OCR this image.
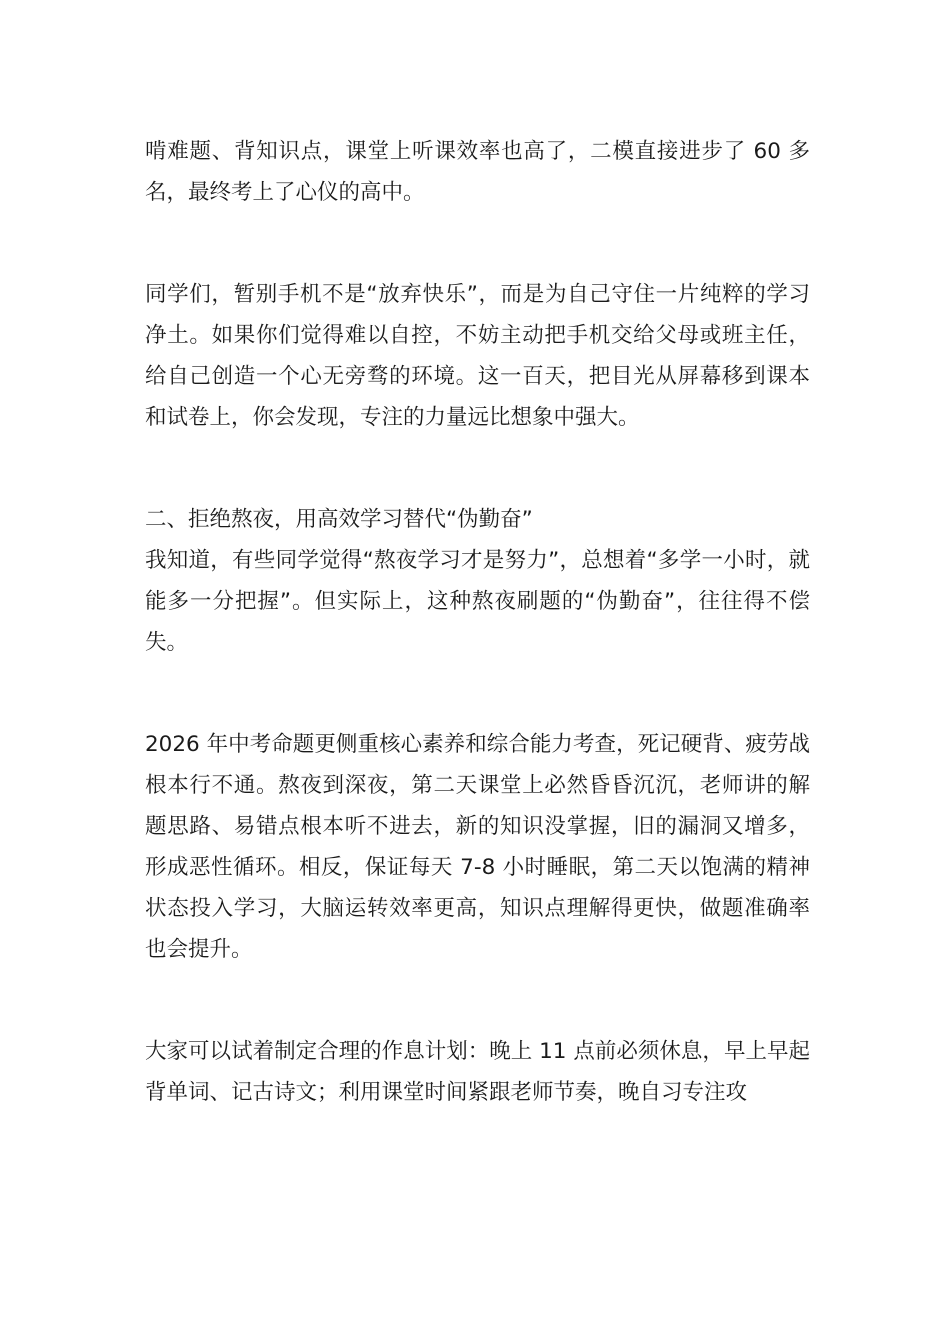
啃难题、背知识点，课堂上听课效率也高了，二模直接进步了 60 多名，最终考上了心仪的高中。

同学们，暂别手机不是“放弃快乐”，而是为自己守住一片纯粹的学习净土。如果你们觉得难以自控，不妨主动把手机交给父母或班主任，给自己创造一个心无旁骛的环境。这一百天，把目光从屏幕移到课本和试卷上，你会发现，专注的力量远比想象中强大。

二、拒绝熬夜，用高效学习替代“伪勤奋”

我知道，有些同学觉得“熬夜学习才是努力”，总想着“多学一小时，就能多一分把握”。但实际上，这种熬夜刷题的“伪勤奋”，往往得不偿失。

2026 年中考命题更侧重核心素养和综合能力考查，死记硬背、疲劳战根本行不通。熬夜到深夜，第二天课堂上必然昏昏沉沉，老师讲的解题思路、易错点根本听不进去，新的知识没掌握，旧的漏洞又增多，形成恶性循环。相反，保证每天 7-8 小时睡眠，第二天以饱满的精神状态投入学习，大脑运转效率更高，知识点理解得更快，做题准确率也会提升。

大家可以试着制定合理的作息计划：晚上 11 点前必须休息，早上早起背单词、记古诗文；利用课堂时间紧跟老师节奏，晚自习专注攻
